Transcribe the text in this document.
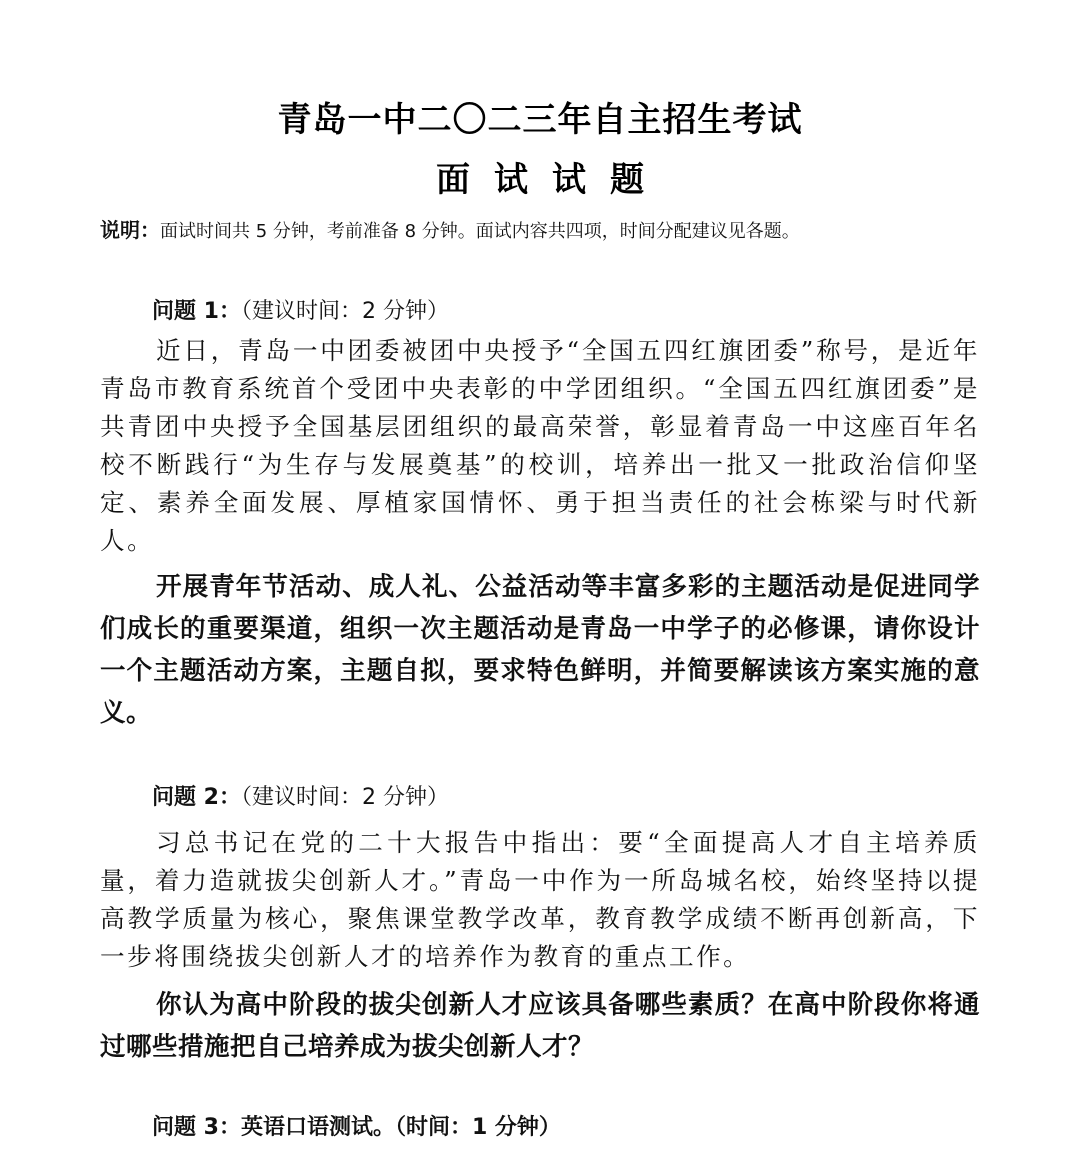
青岛一中二〇二三年自主招生考试
面试试题
说明：面试时间共 5 分钟，考前准备 8 分钟。面试内容共四项，时间分配建议见各题。
问题 1：（建议时间：2 分钟）
近日，青岛一中团委被团中央授予“全国五四红旗团委”称号，是近年青岛市教育系统首个受团中央表彰的中学团组织。“全国五四红旗团委”是共青团中央授予全国基层团组织的最高荣誉，彰显着青岛一中这座百年名校不断践行“为生存与发展奠基”的校训，培养出一批又一批政治信仰坚定、素养全面发展、厚植家国情怀、勇于担当责任的社会栋梁与时代新人。
开展青年节活动、成人礼、公益活动等丰富多彩的主题活动是促进同学们成长的重要渠道，组织一次主题活动是青岛一中学子的必修课，请你设计一个主题活动方案，主题自拟，要求特色鲜明，并简要解读该方案实施的意义。
问题 2：（建议时间：2 分钟）
习总书记在党的二十大报告中指出：要“全面提高人才自主培养质量，着力造就拔尖创新人才。”青岛一中作为一所岛城名校，始终坚持以提高教学质量为核心，聚焦课堂教学改革，教育教学成绩不断再创新高，下一步将围绕拔尖创新人才的培养作为教育的重点工作。
你认为高中阶段的拔尖创新人才应该具备哪些素质？在高中阶段你将通过哪些措施把自己培养成为拔尖创新人才？
问题 3：英语口语测试。（时间：1 分钟）
